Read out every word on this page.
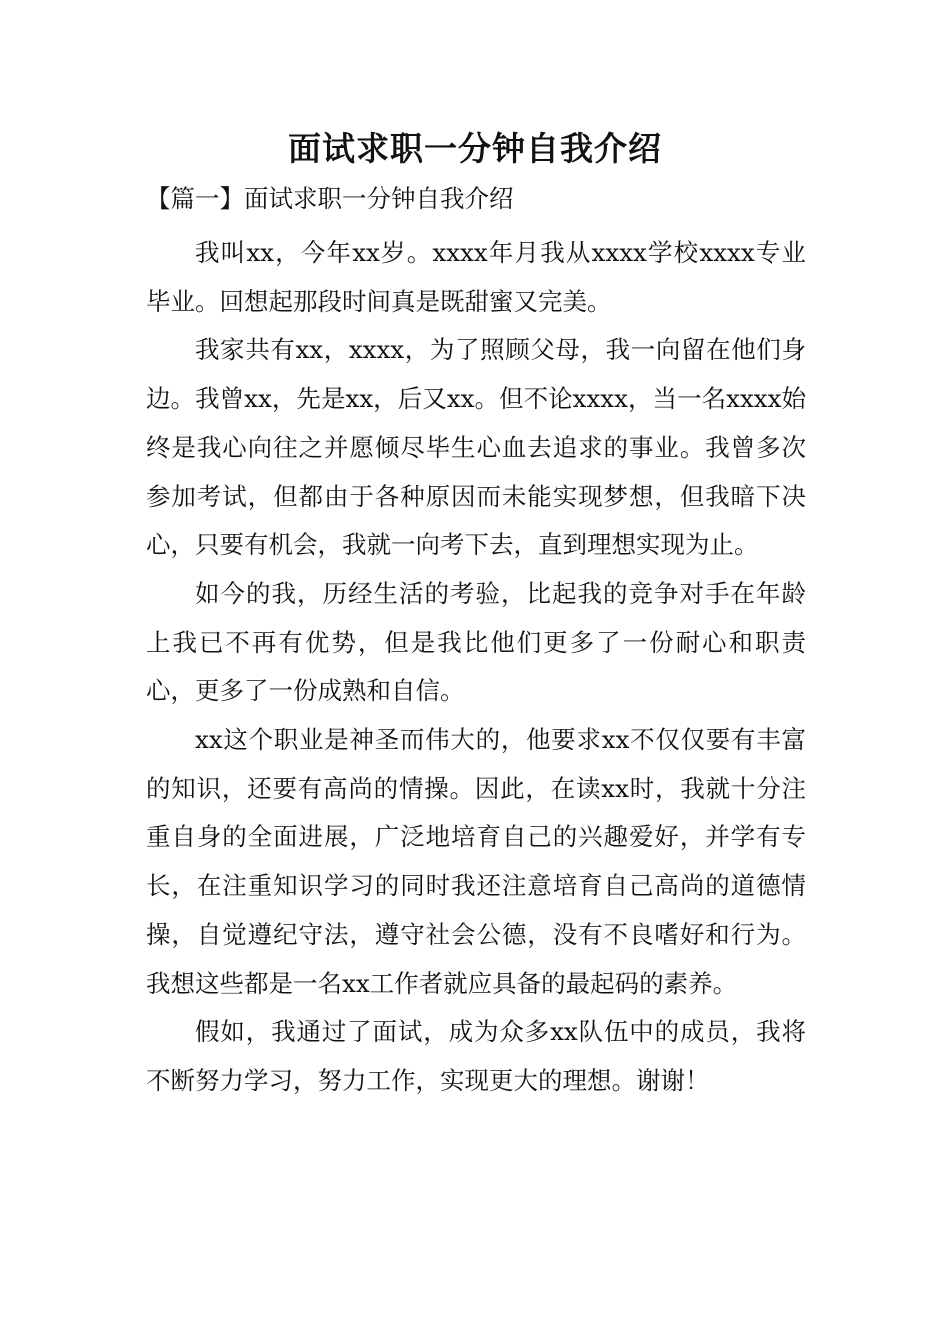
面试求职一分钟自我介绍
【篇一】面试求职一分钟自我介绍

我叫xx，今年xx岁。xxxx年月我从xxxx学校xxxx专业毕业。回想起那段时间真是既甜蜜又完美。

我家共有xx，xxxx，为了照顾父母，我一向留在他们身边。我曾xx，先是xx，后又xx。但不论xxxx，当一名xxxx始终是我心向往之并愿倾尽毕生心血去追求的事业。我曾多次参加考试，但都由于各种原因而未能实现梦想，但我暗下决心，只要有机会，我就一向考下去，直到理想实现为止。

如今的我，历经生活的考验，比起我的竞争对手在年龄上我已不再有优势，但是我比他们更多了一份耐心和职责心，更多了一份成熟和自信。

xx这个职业是神圣而伟大的，他要求xx不仅仅要有丰富的知识，还要有高尚的情操。因此，在读xx时，我就十分注重自身的全面进展，广泛地培育自己的兴趣爱好，并学有专长，在注重知识学习的同时我还注意培育自己高尚的道德情操，自觉遵纪守法，遵守社会公德，没有不良嗜好和行为。我想这些都是一名xx工作者就应具备的最起码的素养。

假如，我通过了面试，成为众多xx队伍中的成员，我将不断努力学习，努力工作，实现更大的理想。谢谢！
